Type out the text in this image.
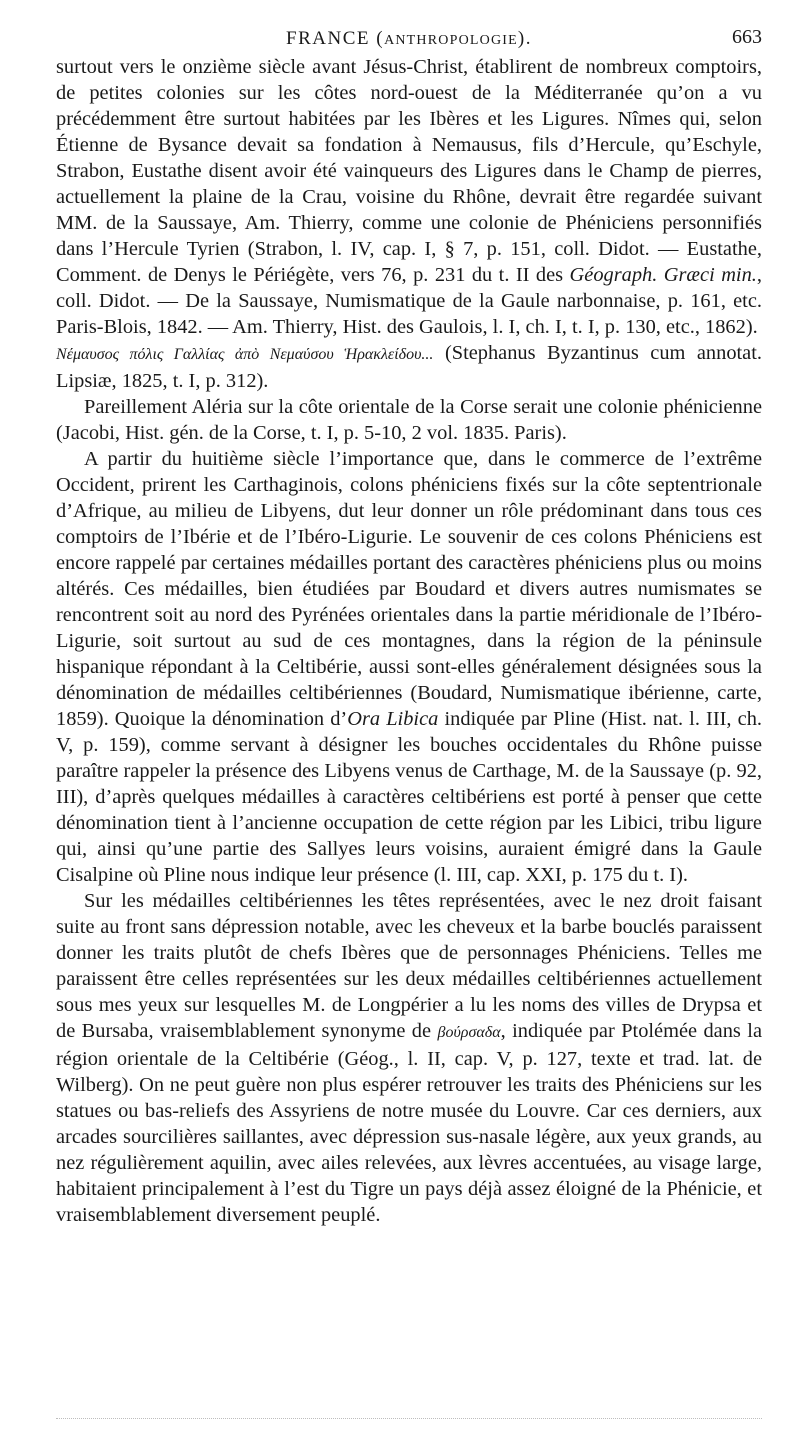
FRANCE (ANTHROPOLOGIE).	663

surtout vers le onzième siècle avant Jésus-Christ, établirent de nombreux comptoirs, de petites colonies sur les côtes nord-ouest de la Méditerranée qu’on a vu précédemment être surtout habitées par les Ibères et les Ligures. Nîmes qui, selon Étienne de Bysance devait sa fondation à Nemausus, fils d’Hercule, qu’Eschyle, Strabon, Eustathe disent avoir été vainqueurs des Ligures dans le Champ de pierres, actuellement la plaine de la Crau, voisine du Rhône, devrait être regardée suivant MM. de la Saussaye, Am. Thierry, comme une colonie de Phéniciens personnifiés dans l’Hercule Tyrien (Strabon, l. IV, cap. I, § 7, p. 151, coll. Didot. — Eustathe, Comment. de Denys le Périégète, vers 76, p. 231 du t. II des Géograph. Græci min., coll. Didot. — De la Saussaye, Numismatique de la Gaule narbonnaise, p. 161, etc. Paris-Blois, 1842. — Am. Thierry, Hist. des Gaulois, l. I, ch. I, t. I, p. 130, etc., 1862).

Νέμαυσος πόλις Γαλλίας ἀπὸ Νεμαύσου Ἡρακλείδου... (Stephanus Byzantinus cum annotat. Lipsiæ, 1825, t. I, p. 312).

Pareillement Aléria sur la côte orientale de la Corse serait une colonie phénicienne (Jacobi, Hist. gén. de la Corse, t. I, p. 5-10, 2 vol. 1835. Paris).

A partir du huitième siècle l’importance que, dans le commerce de l’extrême Occident, prirent les Carthaginois, colons phéniciens fixés sur la côte septentrionale d’Afrique, au milieu de Libyens, dut leur donner un rôle prédominant dans tous ces comptoirs de l’Ibérie et de l’Ibéro-Ligurie. Le souvenir de ces colons Phéniciens est encore rappelé par certaines médailles portant des caractères phéniciens plus ou moins altérés. Ces médailles, bien étudiées par Boudard et divers autres numismates se rencontrent soit au nord des Pyrénées orientales dans la partie méridionale de l’Ibéro-Ligurie, soit surtout au sud de ces montagnes, dans la région de la péninsule hispanique répondant à la Celtibérie, aussi sont-elles généralement désignées sous la dénomination de médailles celtibériennes (Boudard, Numismatique ibérienne, carte, 1859). Quoique la dénomination d’Ora Libica indiquée par Pline (Hist. nat. l. III, ch. V, p. 159), comme servant à désigner les bouches occidentales du Rhône puisse paraître rappeler la présence des Libyens venus de Carthage, M. de la Saussaye (p. 92, III), d’après quelques médailles à caractères celtibériens est porté à penser que cette dénomination tient à l’ancienne occupation de cette région par les Libici, tribu ligure qui, ainsi qu’une partie des Sallyes leurs voisins, auraient émigré dans la Gaule Cisalpine où Pline nous indique leur présence (l. III, cap. XXI, p. 175 du t. I).

Sur les médailles celtibériennes les têtes représentées, avec le nez droit faisant suite au front sans dépression notable, avec les cheveux et la barbe bouclés paraissent donner les traits plutôt de chefs Ibères que de personnages Phéniciens. Telles me paraissent être celles représentées sur les deux médailles celtibériennes actuellement sous mes yeux sur lesquelles M. de Longpérier a lu les noms des villes de Drypsa et de Bursaba, vraisemblablement synonyme de βούρσαδα, indiquée par Ptolémée dans la région orientale de la Celtibérie (Géog., l. II, cap. V, p. 127, texte et trad. lat. de Wilberg). On ne peut guère non plus espérer retrouver les traits des Phéniciens sur les statues ou bas-reliefs des Assyriens de notre musée du Louvre. Car ces derniers, aux arcades sourcilières saillantes, avec dépression sus-nasale légère, aux yeux grands, au nez régulièrement aquilin, avec ailes relevées, aux lèvres accentuées, au visage large, habitaient principalement à l’est du Tigre un pays déjà assez éloigné de la Phénicie, et vraisemblablement diversement peuplé.
